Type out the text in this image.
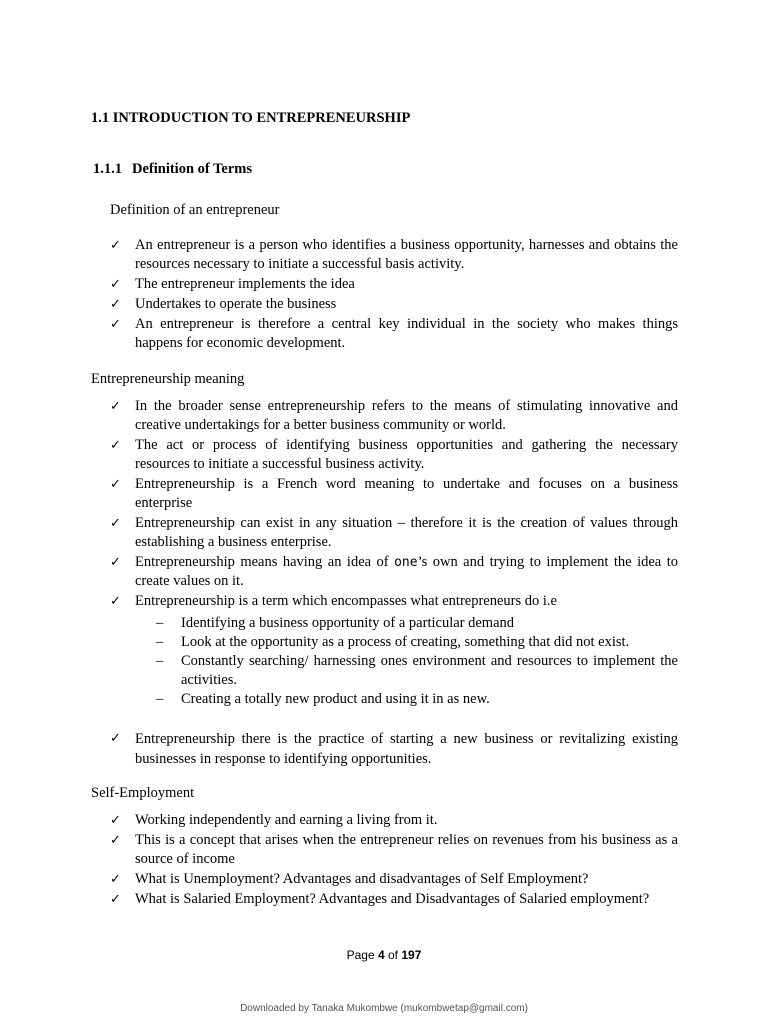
1.1 INTRODUCTION TO ENTREPRENEURSHIP
1.1.1 Definition of Terms

Definition of an entrepreneur

✓ An entrepreneur is a person who identifies a business opportunity, harnesses and obtains the resources necessary to initiate a successful basis activity.
✓ The entrepreneur implements the idea
✓ Undertakes to operate the business
✓ An entrepreneur is therefore a central key individual in the society who makes things happens for economic development.

Entrepreneurship meaning

✓ In the broader sense entrepreneurship refers to the means of stimulating innovative and creative undertakings for a better business community or world.
✓ The act or process of identifying business opportunities and gathering the necessary resources to initiate a successful business activity.
✓ Entrepreneurship is a French word meaning to undertake and focuses on a business enterprise
✓ Entrepreneurship can exist in any situation – therefore it is the creation of values through establishing a business enterprise.
✓ Entrepreneurship means having an idea of one’s own and trying to implement the idea to create values on it.
✓ Entrepreneurship is a term which encompasses what entrepreneurs do i.e
– Identifying a business opportunity of a particular demand
– Look at the opportunity as a process of creating, something that did not exist.
– Constantly searching/ harnessing ones environment and resources to implement the activities.
– Creating a totally new product and using it in as new.
✓ Entrepreneurship there is the practice of starting a new business or revitalizing existing businesses in response to identifying opportunities.

Self-Employment

✓ Working independently and earning a living from it.
✓ This is a concept that arises when the entrepreneur relies on revenues from his business as a source of income
✓ What is Unemployment? Advantages and disadvantages of Self Employment?
✓ What is Salaried Employment? Advantages and Disadvantages of Salaried employment?
Page 4 of 197
Downloaded by Tanaka Mukombwe (mukombwetap@gmail.com)
